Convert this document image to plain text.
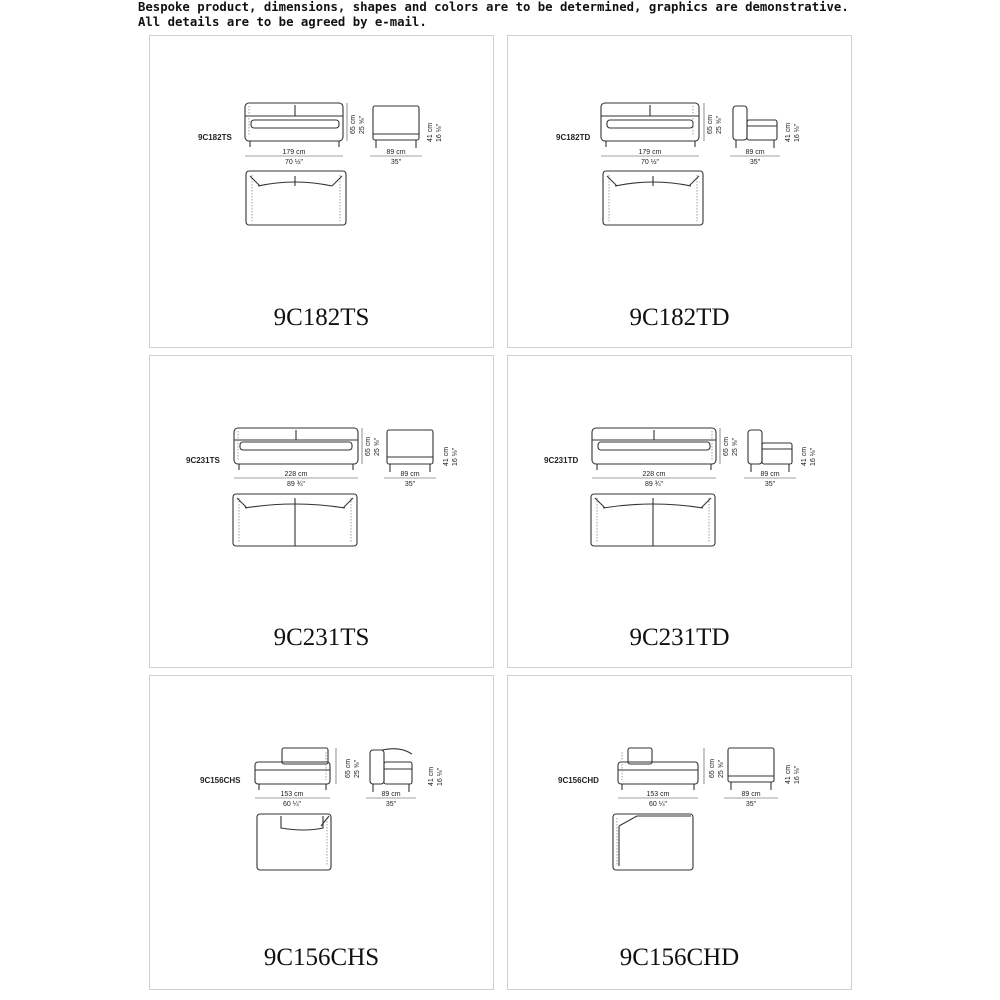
Bespoke product, dimensions, shapes and colors are to be determined, graphics are demonstrative. All details are to be agreed by e-mail.
9C182TS
65 cm 25 ⅝"	41 cm 16 ⅛"
179 cm
70 ½"
89 cm
35"
9C182TS
9C182TD
65 cm 25 ⅝"	41 cm 16 ⅛"
179 cm
70 ½"
89 cm
35"
9C182TD
9C231TS
65 cm 25 ⅝"	41 cm 16 ⅛"
228 cm
89 ¾"
89 cm
35"
9C231TS
9C231TD
65 cm 25 ⅝"	41 cm 16 ⅛"
228 cm
89 ¾"
89 cm
35"
9C231TD
9C156CHS
65 cm 25 ⅝"	41 cm 16 ⅛"
153 cm
60 ¼"
89 cm
35"
9C156CHS
9C156CHD
65 cm 25 ⅝"	41 cm 16 ⅛"
153 cm
60 ¼"
89 cm
35"
9C156CHD
